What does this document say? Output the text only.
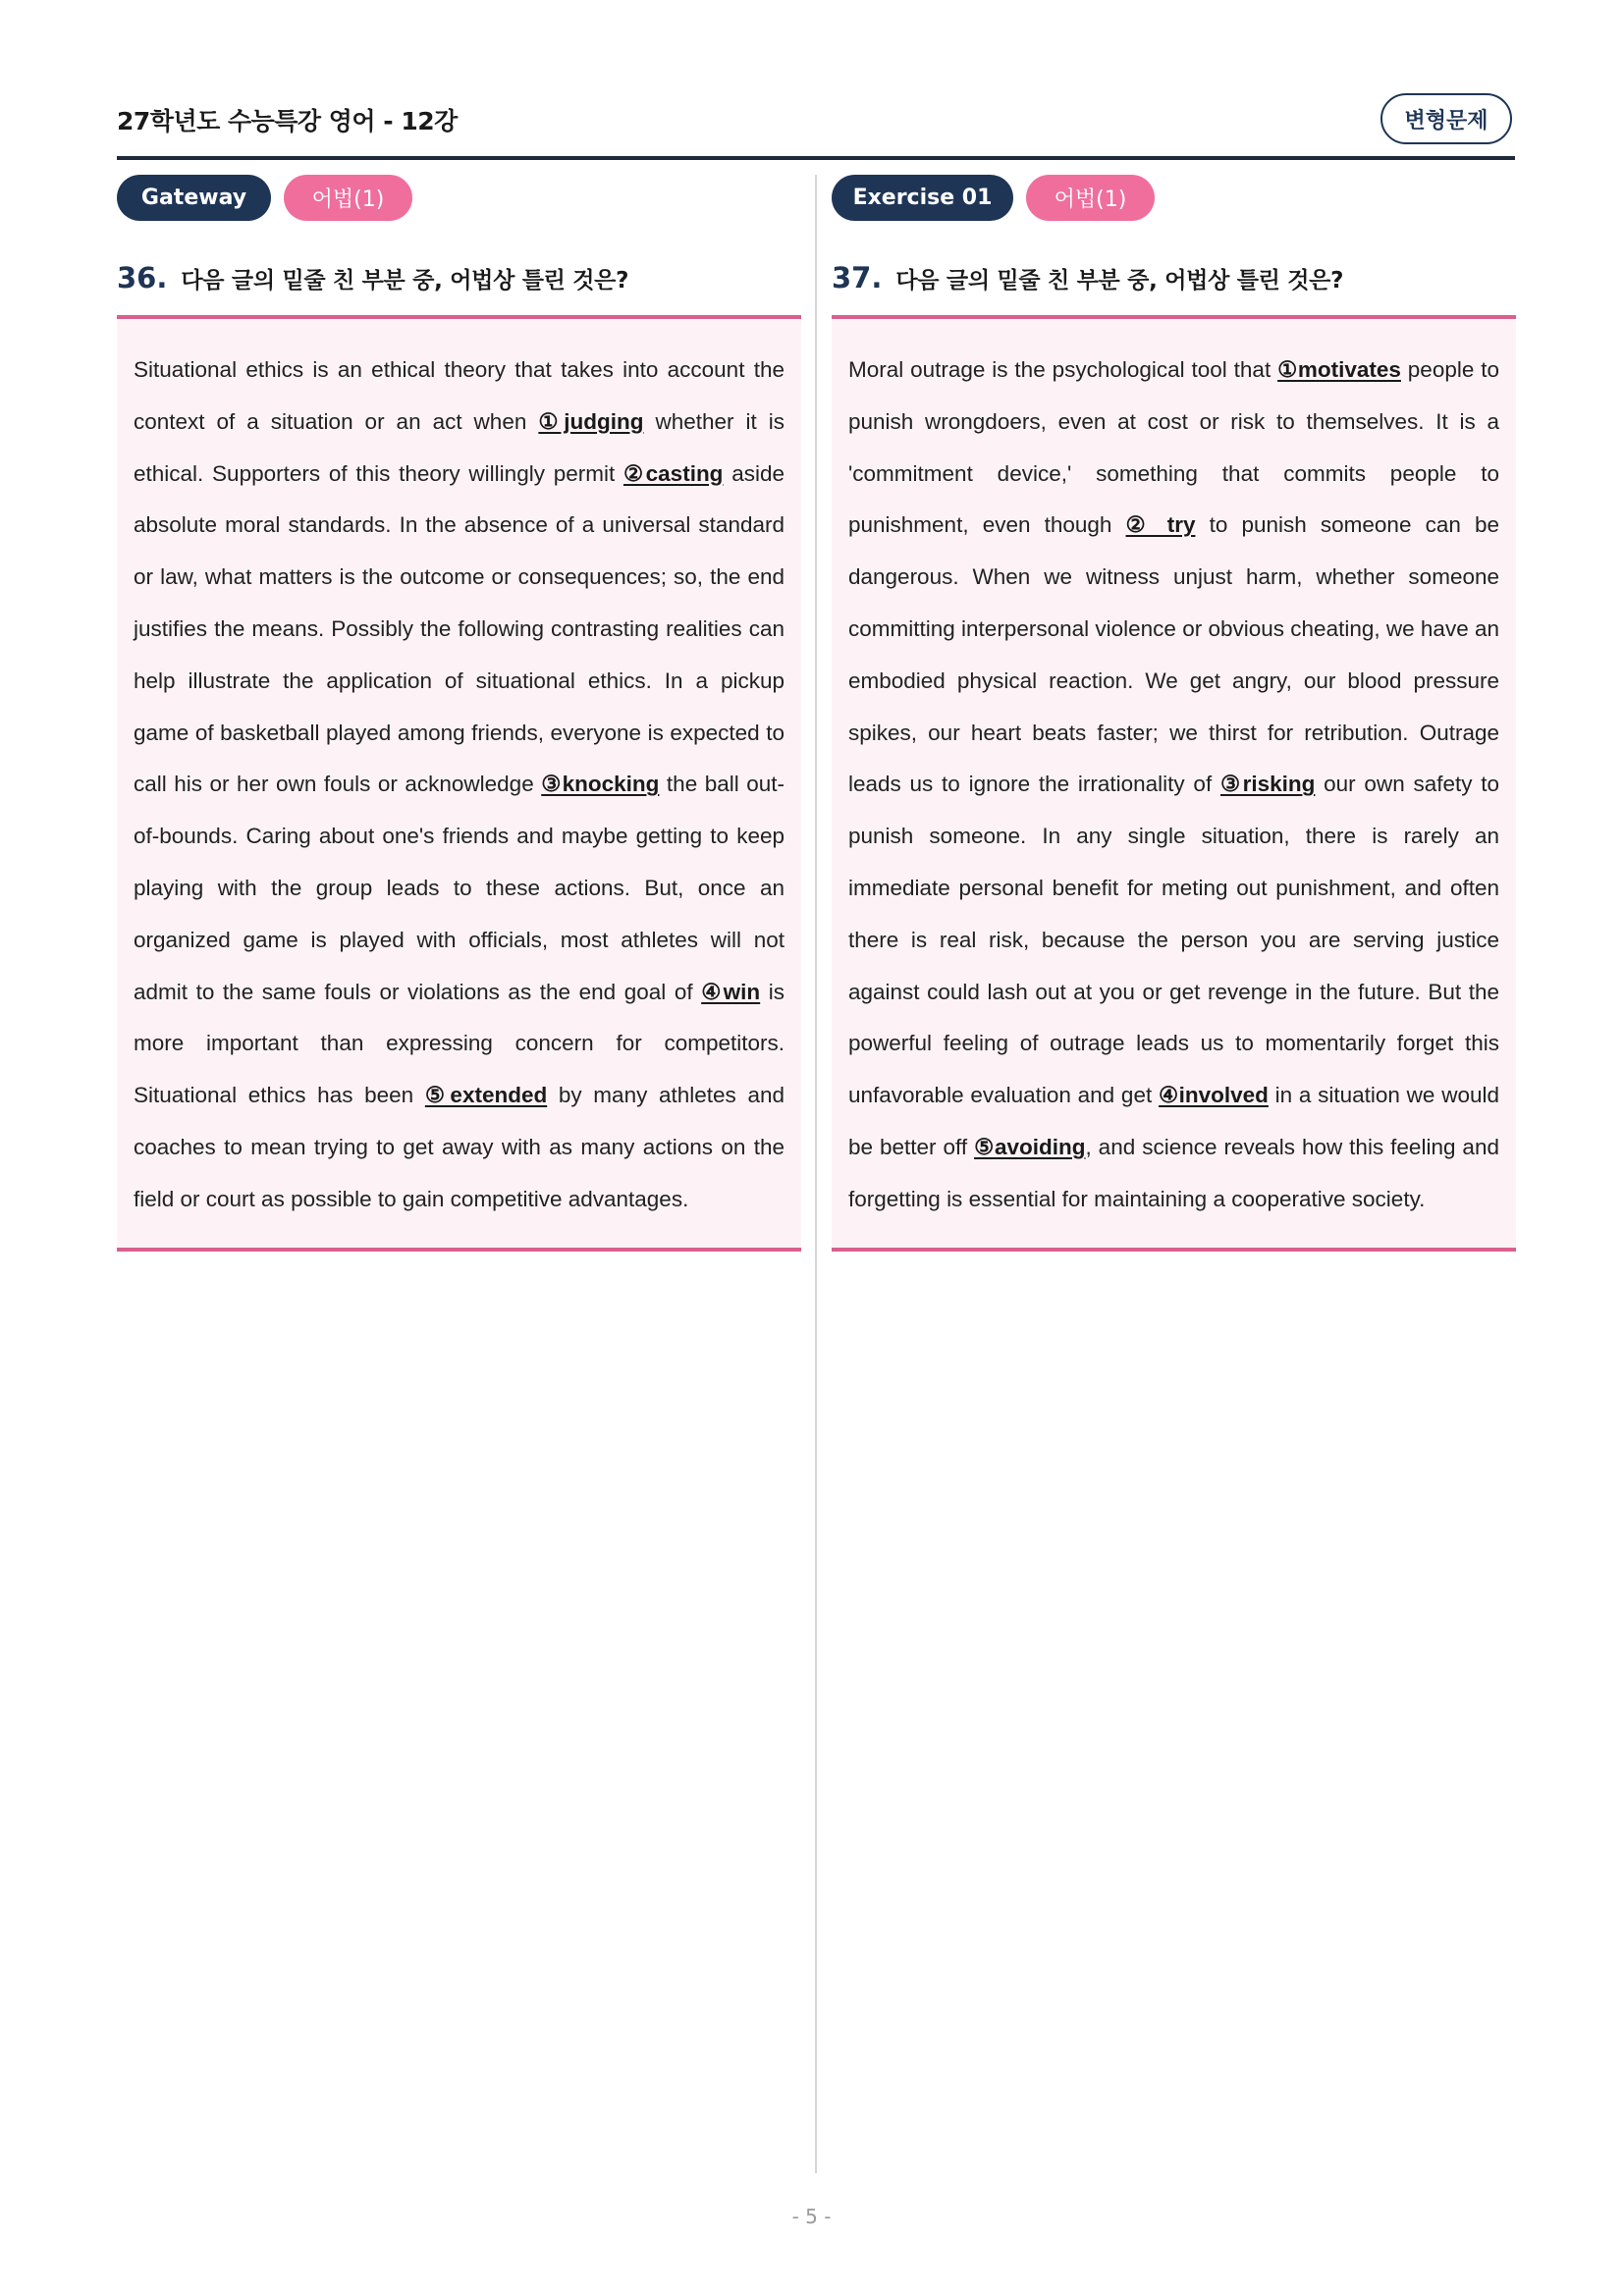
27학년도 수능특강 영어 - 12강	변형문제
Gateway	어법(1)
36. 다음 글의 밑줄 친 부분 중, 어법상 틀린 것은?
Situational ethics is an ethical theory that takes into account the context of a situation or an act when ①judging whether it is ethical. Supporters of this theory willingly permit ②casting aside absolute moral standards. In the absence of a universal standard or law, what matters is the outcome or consequences; so, the end justifies the means. Possibly the following contrasting realities can help illustrate the application of situational ethics. In a pickup game of basketball played among friends, everyone is expected to call his or her own fouls or acknowledge ③knocking the ball out-of-bounds. Caring about one's friends and maybe getting to keep playing with the group leads to these actions. But, once an organized game is played with officials, most athletes will not admit to the same fouls or violations as the end goal of ④win is more important than expressing concern for competitors. Situational ethics has been ⑤extended by many athletes and coaches to mean trying to get away with as many actions on the field or court as possible to gain competitive advantages.
Exercise 01	어법(1)
37. 다음 글의 밑줄 친 부분 중, 어법상 틀린 것은?
Moral outrage is the psychological tool that ①motivates people to punish wrongdoers, even at cost or risk to themselves. It is a 'commitment device,' something that commits people to punishment, even though ② try to punish someone can be dangerous. When we witness unjust harm, whether someone committing interpersonal violence or obvious cheating, we have an embodied physical reaction. We get angry, our blood pressure spikes, our heart beats faster; we thirst for retribution. Outrage leads us to ignore the irrationality of ③risking our own safety to punish someone. In any single situation, there is rarely an immediate personal benefit for meting out punishment, and often there is real risk, because the person you are serving justice against could lash out at you or get revenge in the future. But the powerful feeling of outrage leads us to momentarily forget this unfavorable evaluation and get ④involved in a situation we would be better off ⑤avoiding, and science reveals how this feeling and forgetting is essential for maintaining a cooperative society.
- 5 -
